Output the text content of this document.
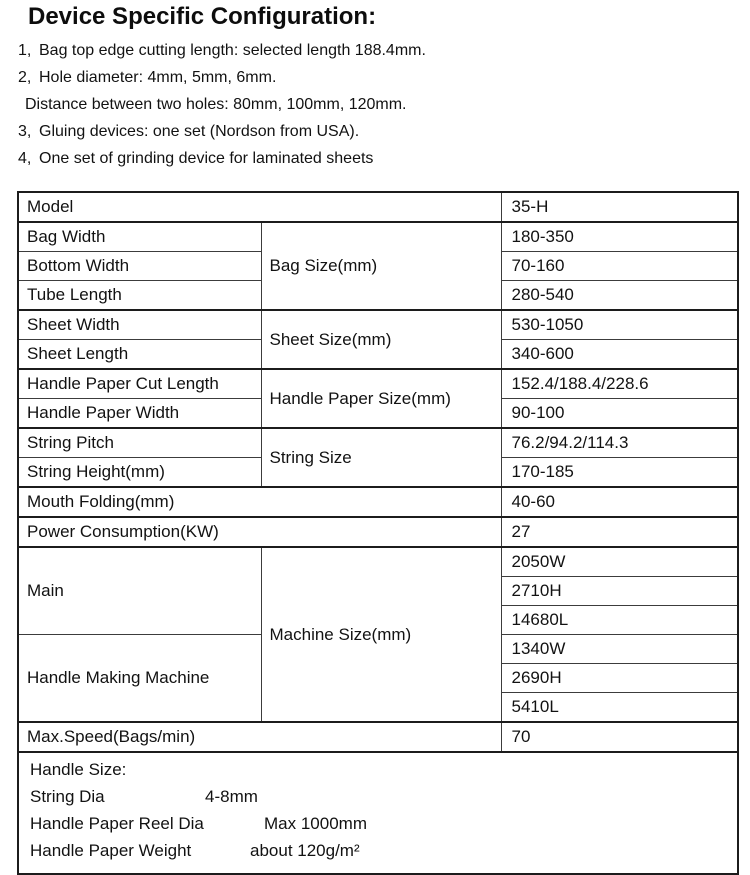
Device Specific Configuration:
1, Bag top edge cutting length: selected length 188.4mm.
2, Hole diameter: 4mm, 5mm, 6mm.
Distance between two holes: 80mm, 100mm, 120mm.
3, Gluing devices: one set (Nordson from USA).
4, One set of grinding device for laminated sheets
Model		35-H
Bag Width	Bag Size(mm)	180-350
Bottom Width		70-160
Tube Length		280-540
Sheet Width	Sheet Size(mm)	530-1050
Sheet Length		340-600
Handle Paper Cut Length	Handle Paper Size(mm)	152.4/188.4/228.6
Handle Paper Width		90-100
String Pitch	String Size	76.2/94.2/114.3
String Height(mm)		170-185
Mouth Folding(mm)		40-60
Power Consumption(KW)		27
Main	Machine Size(mm)	2050W
		2710H
		14680L
Handle Making Machine		1340W
		2690H
		5410L
Max.Speed(Bags/min)		70

Handle Size:
String Dia 4-8mm
Handle Paper Reel Dia Max 1000mm
Handle Paper Weight about 120g/m²		
